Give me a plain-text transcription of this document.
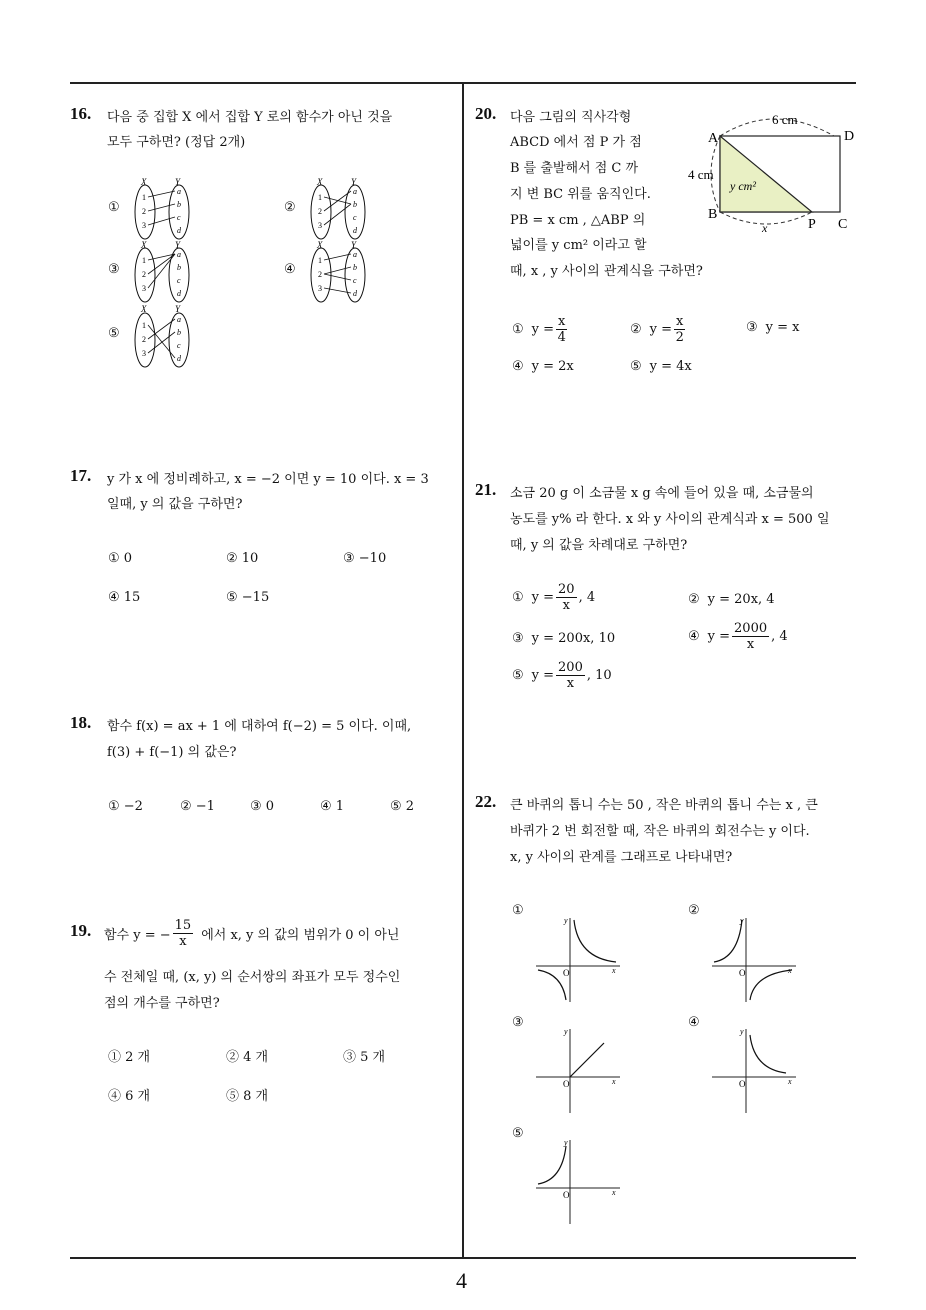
4
16. 다음 중 집합 X 에서 집합 Y 로의 함수가 아닌 것을
모두 구하면? (정답 2개)
①	②
③	④
⑤
X	Y
1
2
3
a
b
c
d
X	Y
1
2
3
a
b
c
d
X	Y
1
2
3
a
b
c
d
X	Y
1
2
3
a
b
c
d
X	Y
1
2
3
a
b
c
d
17. y 가 x 에 정비례하고, x = −2 이면 y = 10 이다. x = 3
일때, y 의 값을 구하면?
① 0	② 10	③ −10
④ 15	⑤ −15
18. 함수 f(x) = ax + 1 에 대하여 f(−2) = 5 이다. 이때,
f(3) + f(−1) 의 값은?
① −2	② −1	③ 0	④ 1	⑤ 2
19. 함수 y = − $\frac{15}{x}$ 에서 x, y 의 값의 범위가 0 이 아닌
수 전체일 때, (x, y) 의 순서쌍의 좌표가 모두 정수인
점의 개수를 구하면?
① 2 개	② 4 개	③ 5 개
④ 6 개	⑤ 8 개
20. 다음 그림의 직사각형
ABCD 에서 점 P 가 점
B 를 출발해서 점 C 까
지 변 BC 위를 움직인다.
PB = x cm , △ABP 의
넓이를 y cm² 이라고 할
때, x , y 사이의 관계식을 구하면?
6 cm
4 cm
y cm²
x
A	D
B
P C
① $y = \frac{x}{4}$	② $y = \frac{x}{2}$	③ y = x
④ y = 2x	⑤ y = 4x
21. 소금 20 g 이 소금물 x g 속에 들어 있을 때, 소금물의
농도를 y% 라 한다. x 와 y 사이의 관계식과 x = 500 일
때, y 의 값을 차례대로 구하면?
① $y = \frac{20}{x}$ , 4	② y = 20x, 4
③ y = 200x, 10	④ $y = \frac{2000}{x}$ , 4
⑤ $y = \frac{200}{x}$ , 10
22. 큰 바퀴의 톱니 수는 50 , 작은 바퀴의 톱니 수는 x , 큰
바퀴가 2 번 회전할 때, 작은 바퀴의 회전수는 y 이다.
x, y 사이의 관계를 그래프로 나타내면?
①	②
③	④
⑤
y
x
O
y
x
O
y
x
O
y
x
O
y
x
O
